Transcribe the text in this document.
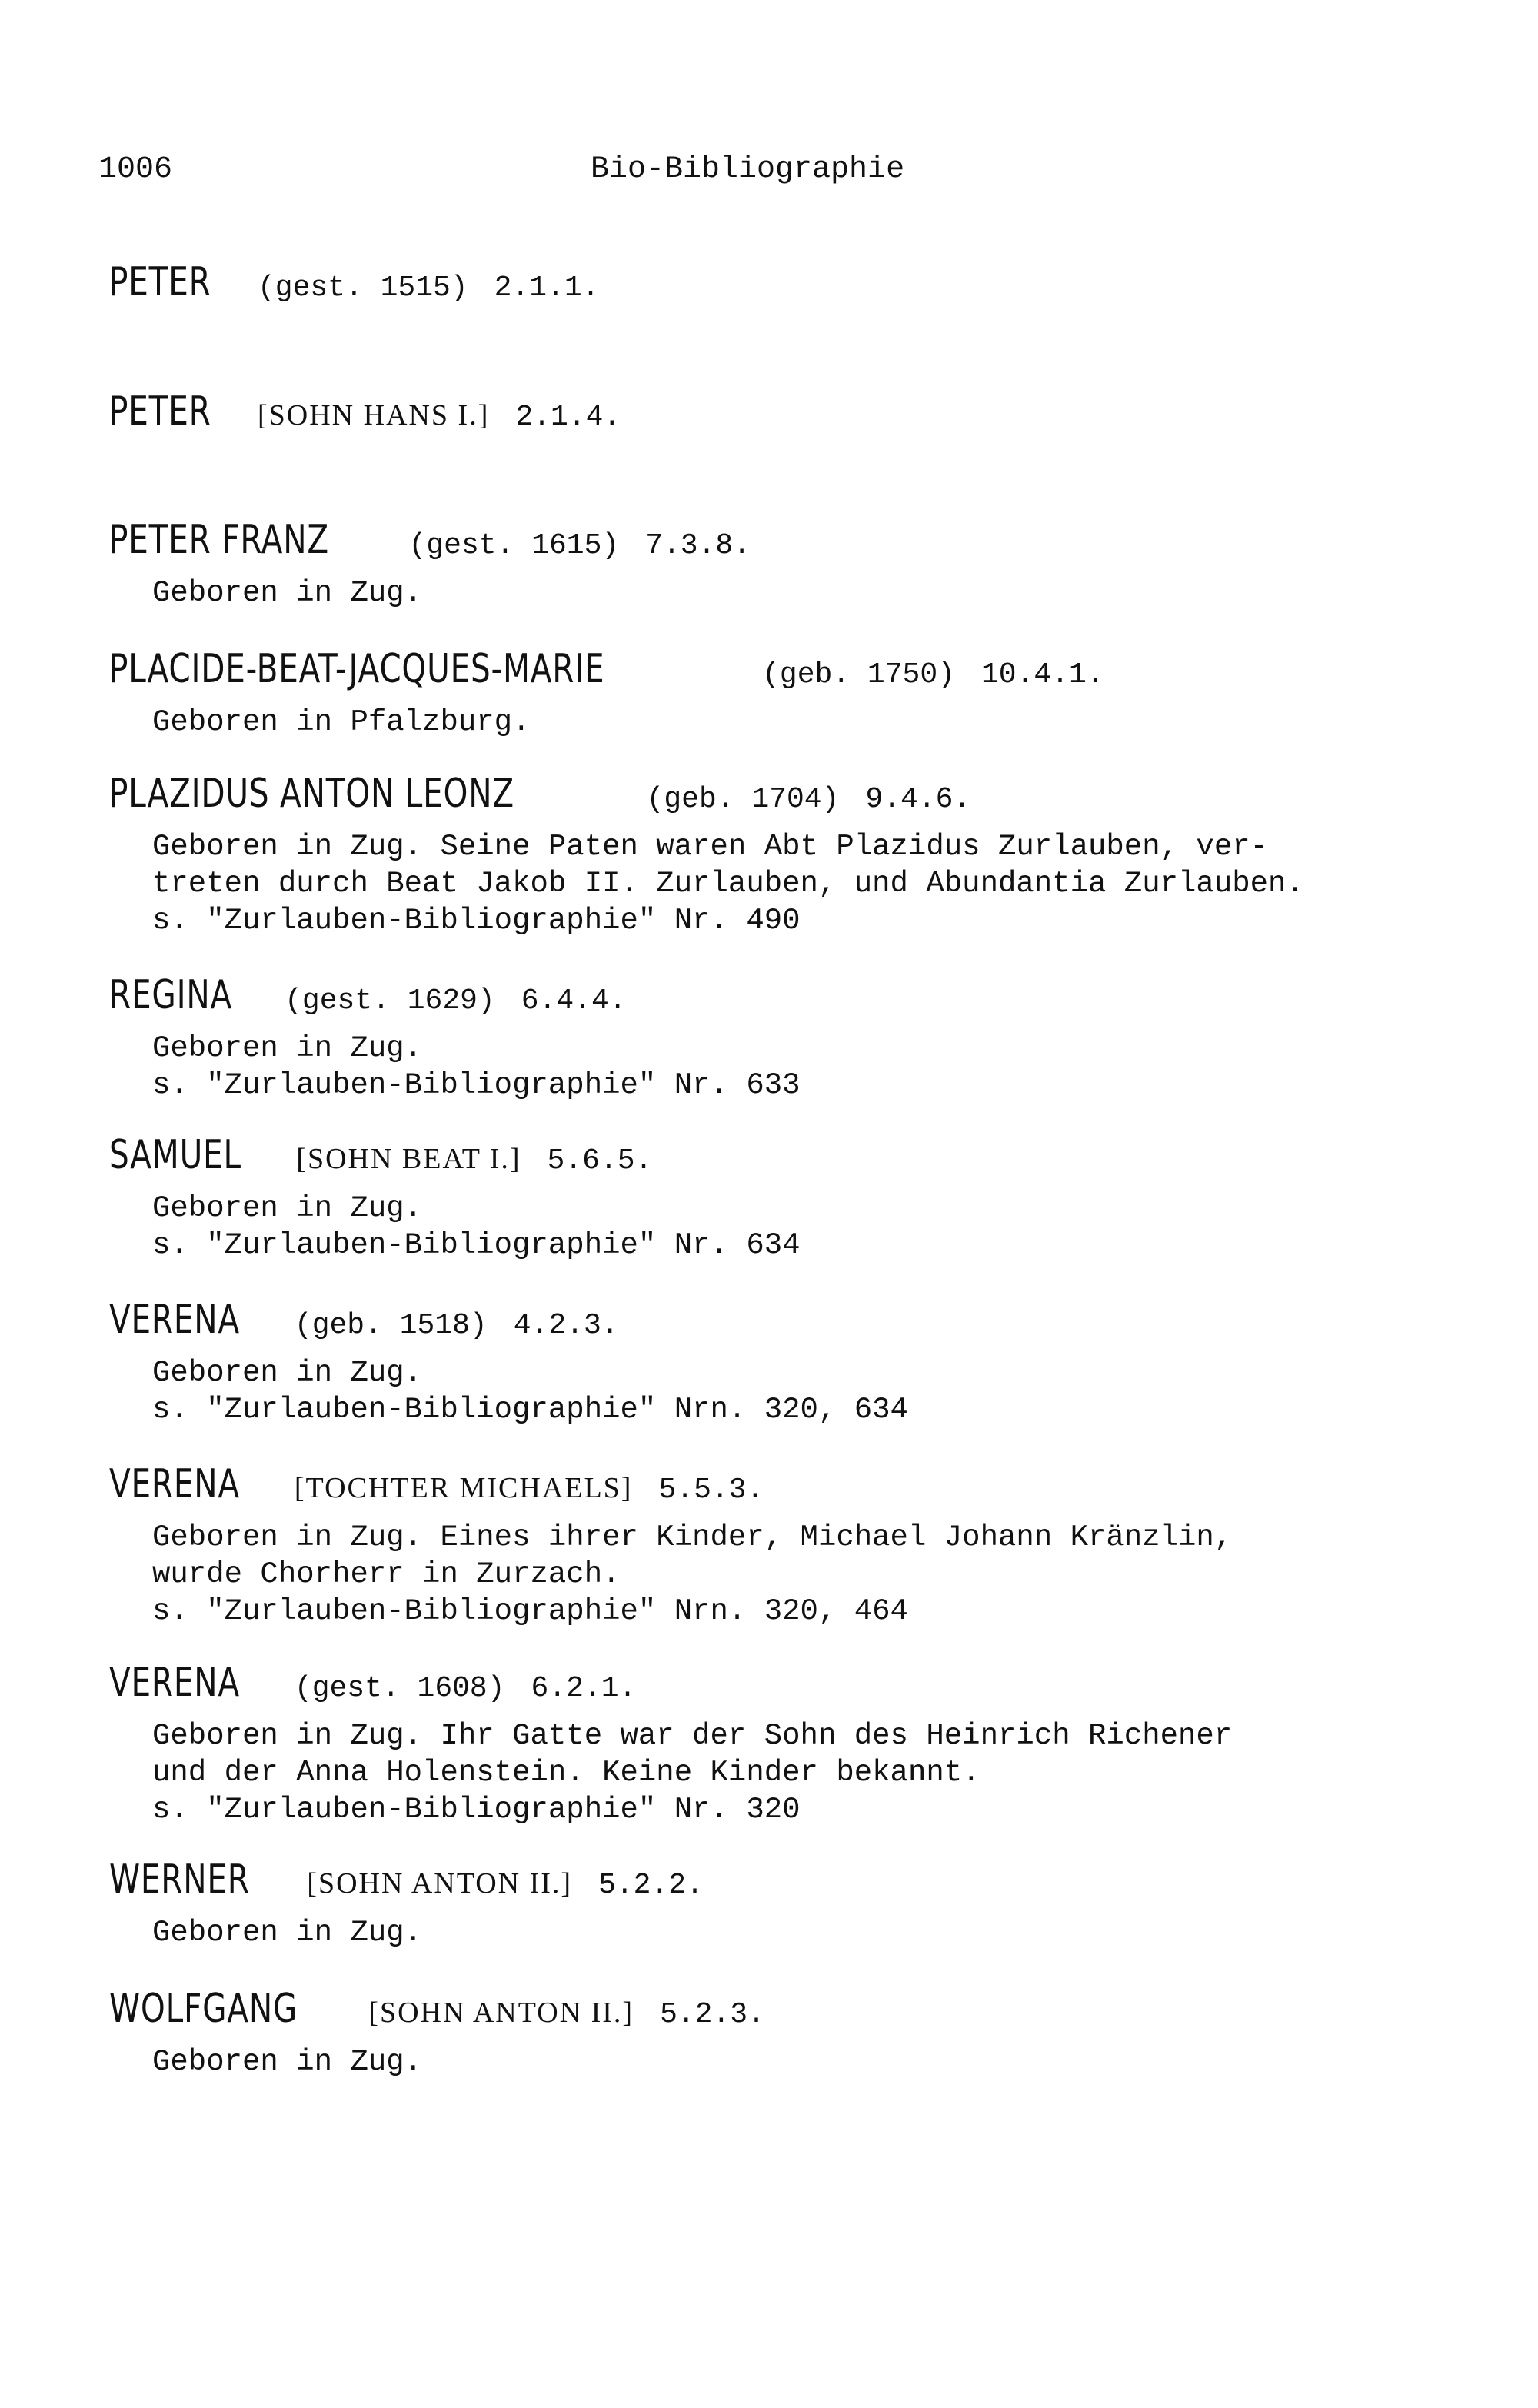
1006	Bio-Bibliographie
PETER (gest. 1515) 2.1.1.
PETER [SOHN HANS I.] 2.1.4.
PETER FRANZ	(gest. 1615) 7.3.8.
Geboren in Zug.
PLACIDE-BEAT-JACQUES-MARIE	(geb. 1750) 10.4.1.
Geboren in Pfalzburg.
PLAZIDUS ANTON LEONZ	(geb. 1704) 9.4.6.
Geboren in Zug. Seine Paten waren Abt Plazidus Zurlauben, ver-
treten durch Beat Jakob II. Zurlauben, und Abundantia Zurlauben.
s. "Zurlauben-Bibliographie" Nr. 490
REGINA (gest. 1629) 6.4.4.
Geboren in Zug.
s. "Zurlauben-Bibliographie" Nr. 633
SAMUEL [SOHN BEAT I.] 5.6.5.
Geboren in Zug.
s. "Zurlauben-Bibliographie" Nr. 634
VERENA (geb. 1518) 4.2.3.
Geboren in Zug.
s. "Zurlauben-Bibliographie" Nrn. 320, 634
VERENA [TOCHTER MICHAELS] 5.5.3.
Geboren in Zug. Eines ihrer Kinder, Michael Johann Kränzlin,
wurde Chorherr in Zurzach.
s. "Zurlauben-Bibliographie" Nrn. 320, 464
VERENA (gest. 1608) 6.2.1.
Geboren in Zug. Ihr Gatte war der Sohn des Heinrich Richener
und der Anna Holenstein. Keine Kinder bekannt.
s. "Zurlauben-Bibliographie" Nr. 320
WERNER [SOHN ANTON II.] 5.2.2.
Geboren in Zug.
WOLFGANG [SOHN ANTON II.] 5.2.3.
Geboren in Zug.
